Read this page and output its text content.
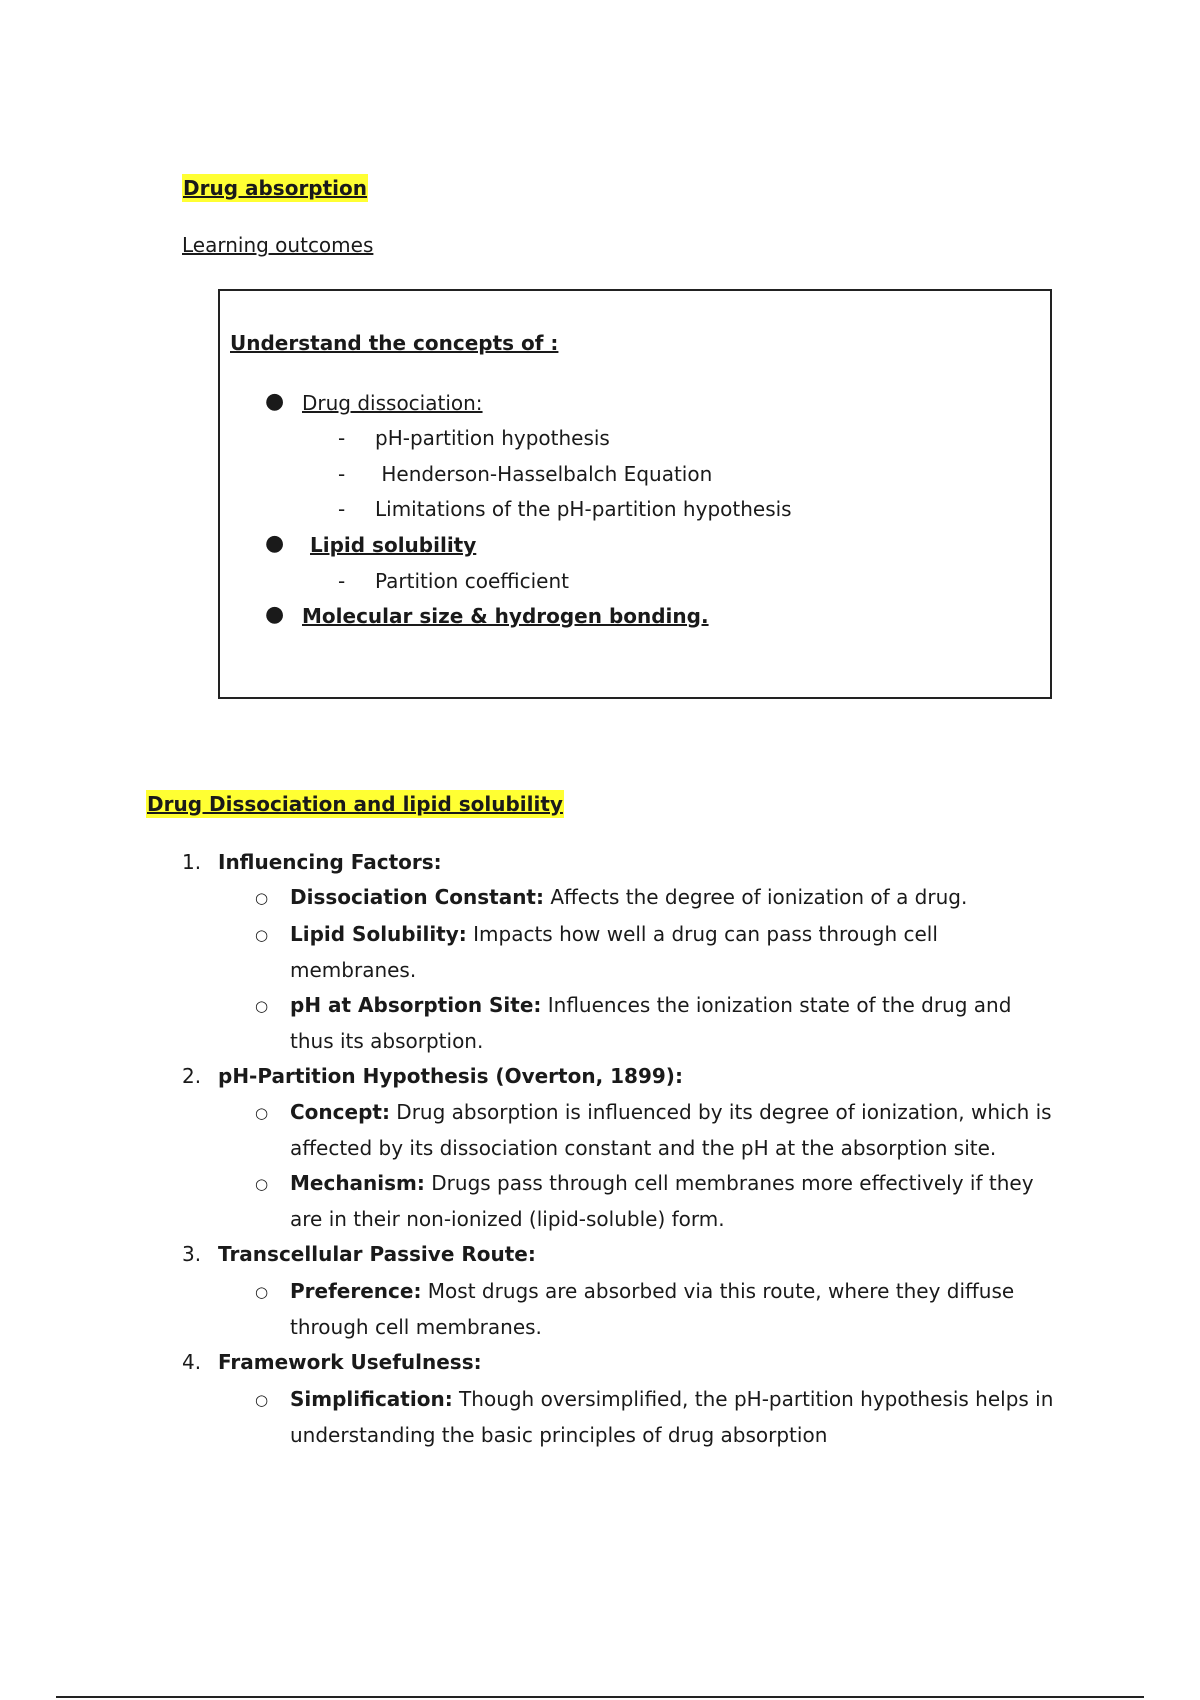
Drug absorption
Learning outcomes
Understand the concepts of :
● Drug dissociation:
- pH-partition hypothesis
- Henderson-Hasselbalch Equation
- Limitations of the pH-partition hypothesis
● Lipid solubility
- Partition coefficient
● Molecular size & hydrogen bonding.
Drug Dissociation and lipid solubility
1. Influencing Factors:
○ Dissociation Constant: Affects the degree of ionization of a drug.
○ Lipid Solubility: Impacts how well a drug can pass through cell membranes.
○ pH at Absorption Site: Influences the ionization state of the drug and thus its absorption.
2. pH-Partition Hypothesis (Overton, 1899):
○ Concept: Drug absorption is influenced by its degree of ionization, which is affected by its dissociation constant and the pH at the absorption site.
○ Mechanism: Drugs pass through cell membranes more effectively if they are in their non-ionized (lipid-soluble) form.
3. Transcellular Passive Route:
○ Preference: Most drugs are absorbed via this route, where they diffuse through cell membranes.
4. Framework Usefulness:
○ Simplification: Though oversimplified, the pH-partition hypothesis helps in understanding the basic principles of drug absorption
